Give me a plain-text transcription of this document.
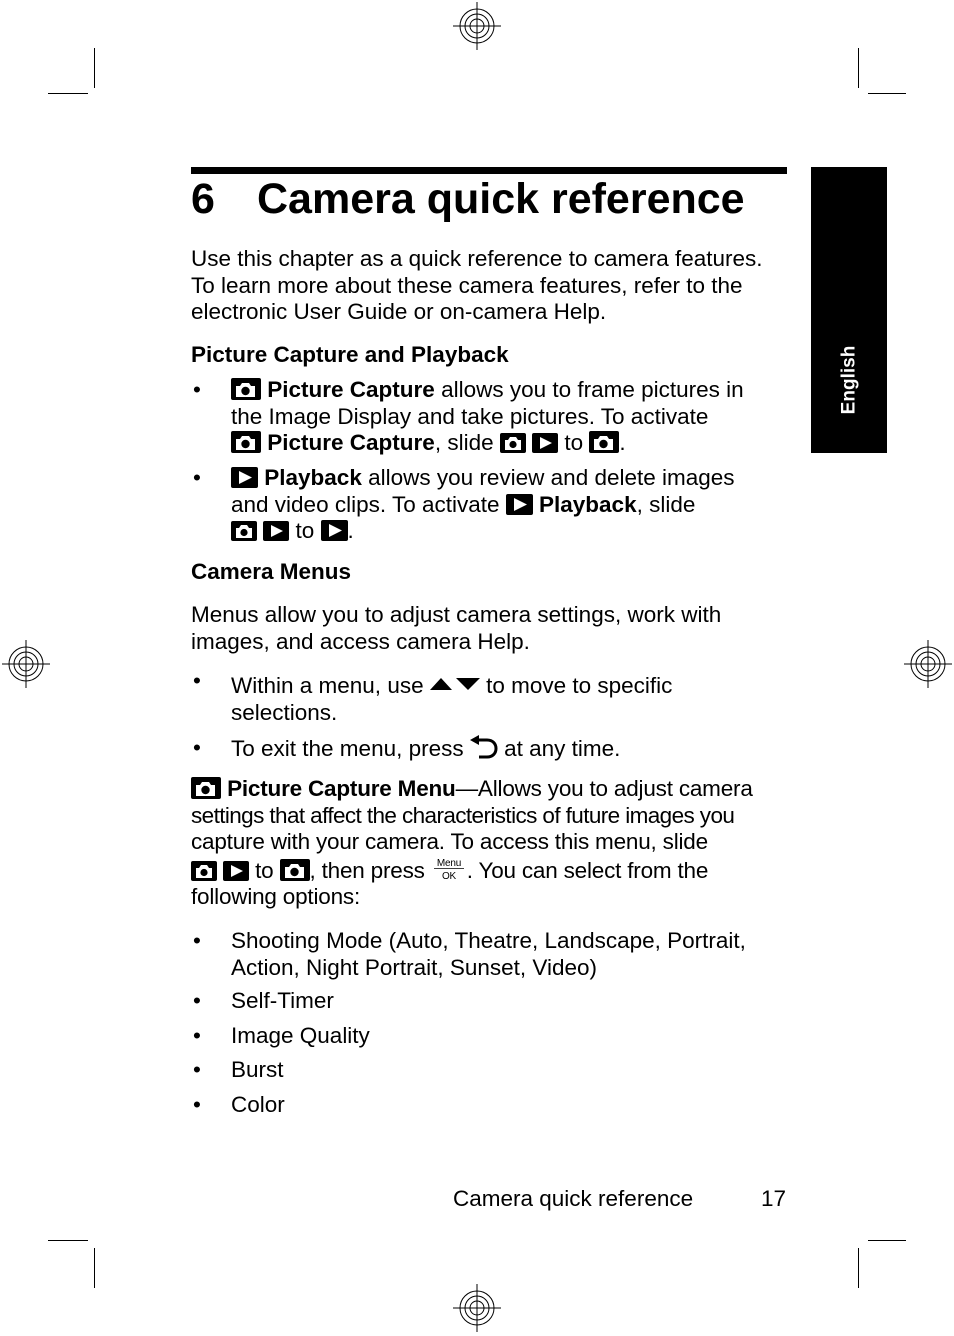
English
6 Camera quick reference
Use this chapter as a quick reference to camera features.
To learn more about these camera features, refer to the
electronic User Guide or on-camera Help.
Picture Capture and Playback
•	Picture Capture allows you to frame pictures in
the Image Display and take pictures. To activate

Picture Capture, slide
	to
.
•	Playback allows you review and delete images
and video clips. To activate
Playback, slide

to
.
Camera Menus
Menus allow you to adjust camera settings, work with
images, and access camera Help.
• Within a menu, use
to move to specific
selections.
• To exit the menu, press
at any time.
Picture Capture Menu—Allows you to adjust camera
settings that affect the characteristics of future images you
capture with your camera. To access this menu, slide

to
, then press Menu
OK . You can select from the
following options:
• Shooting Mode (Auto, Theatre, Landscape, Portrait,
Action, Night Portrait, Sunset, Video)
• Self-Timer
• Image Quality
• Burst
• Color
Camera quick reference	17
